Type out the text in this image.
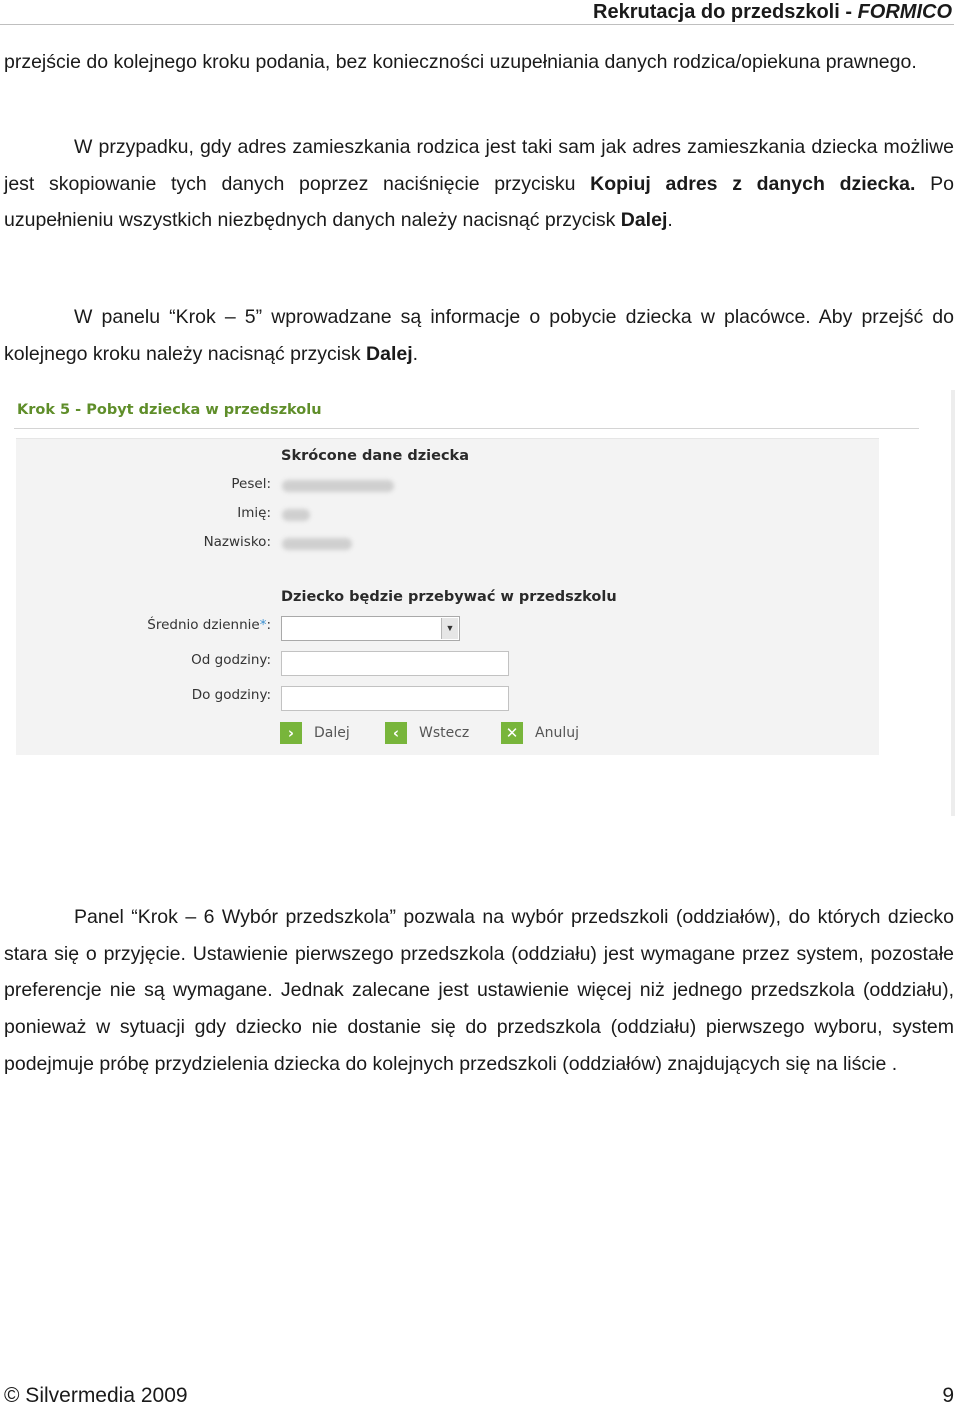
Rekrutacja do przedszkoli - FORMICO
przejście do kolejnego kroku podania, bez konieczności uzupełniania danych rodzica/opiekuna prawnego.
W przypadku, gdy adres zamieszkania rodzica jest taki sam jak adres zamieszkania dziecka możliwe jest skopiowanie tych danych poprzez naciśnięcie przycisku Kopiuj adres z danych dziecka. Po uzupełnieniu wszystkich niezbędnych danych należy nacisnąć przycisk Dalej.
W panelu “Krok – 5” wprowadzane są informacje o pobycie dziecka w placówce. Aby przejść do kolejnego kroku należy nacisnąć przycisk Dalej.
Krok 5 - Pobyt dziecka w przedszkolu
Skrócone dane dziecka
Pesel:
Imię:
Nazwisko:
Dziecko będzie przebywać w przedszkolu
Średnio dziennie*:	▼
Od godziny:
Do godziny:
›	Dalej	‹	Wstecz	✕	Anuluj
Panel “Krok – 6 Wybór przedszkola” pozwala na wybór przedszkoli (oddziałów), do których dziecko stara się o przyjęcie. Ustawienie pierwszego przedszkola (oddziału) jest wymagane przez system, pozostałe preferencje nie są wymagane. Jednak zalecane jest ustawienie więcej niż jednego przedszkola (oddziału), ponieważ w sytuacji gdy dziecko nie dostanie się do przedszkola (oddziału) pierwszego wyboru, system podejmuje próbę przydzielenia dziecka do kolejnych przedszkoli (oddziałów) znajdujących się na liście .
© Silvermedia 2009	9
